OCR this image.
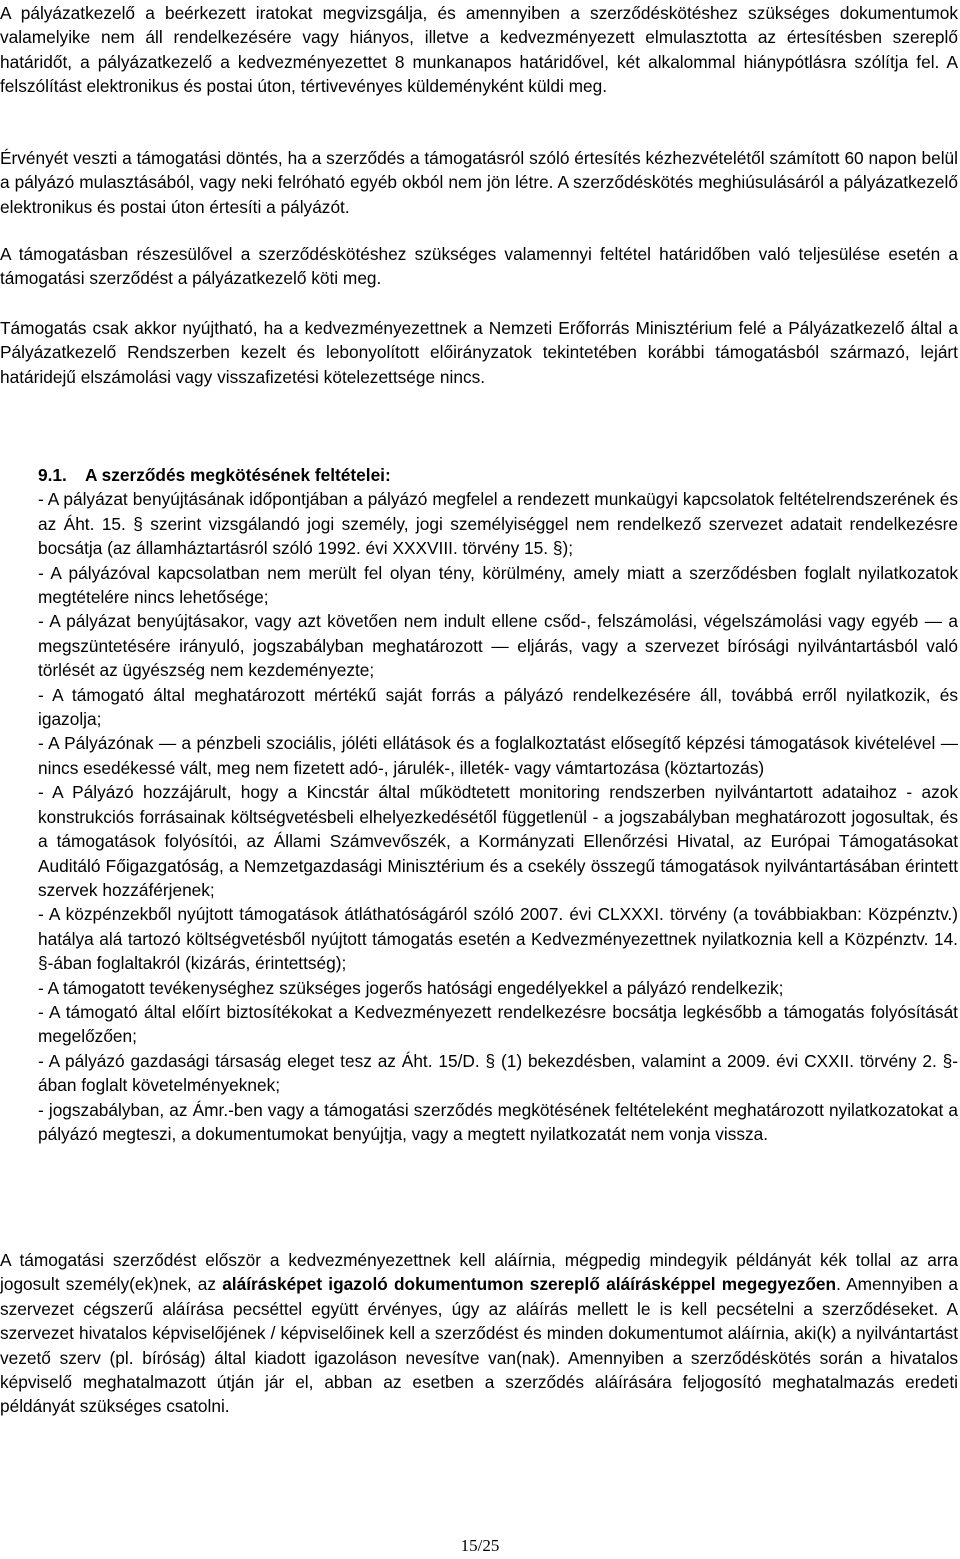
A pályázatkezelő a beérkezett iratokat megvizsgálja, és amennyiben a szerződéskötéshez szükséges dokumentumok valamelyike nem áll rendelkezésére vagy hiányos, illetve a kedvezményezett elmulasztotta az értesítésben szereplő határidőt, a pályázatkezelő a kedvezményezettet 8 munkanapos határidővel, két alkalommal hiánypótlásra szólítja fel. A felszólítást elektronikus és postai úton, tértivevényes küldeményként küldi meg.

Érvényét veszti a támogatási döntés, ha a szerződés a támogatásról szóló értesítés kézhezvételétől számított 60 napon belül a pályázó mulasztásából, vagy neki felróható egyéb okból nem jön létre. A szerződéskötés meghiúsulásáról a pályázatkezelő elektronikus és postai úton értesíti a pályázót.

A támogatásban részesülővel a szerződéskötéshez szükséges valamennyi feltétel határidőben való teljesülése esetén a támogatási szerződést a pályázatkezelő köti meg.

Támogatás csak akkor nyújtható, ha a kedvezményezettnek a Nemzeti Erőforrás Minisztérium felé a Pályázatkezelő által a Pályázatkezelő Rendszerben kezelt és lebonyolított előirányzatok tekintetében korábbi támogatásból származó, lejárt határidejű elszámolási vagy visszafizetési kötelezettsége nincs.

9.1. A szerződés megkötésének feltételei:

- A pályázat benyújtásának időpontjában a pályázó megfelel a rendezett munkaügyi kapcsolatok feltételrendszerének és az Áht. 15. § szerint vizsgálandó jogi személy, jogi személyiséggel nem rendelkező szervezet adatait rendelkezésre bocsátja (az államháztartásról szóló 1992. évi XXXVIII. törvény 15. §);

- A pályázóval kapcsolatban nem merült fel olyan tény, körülmény, amely miatt a szerződésben foglalt nyilatkozatok megtételére nincs lehetősége;

- A pályázat benyújtásakor, vagy azt követően nem indult ellene csőd-, felszámolási, végelszámolási vagy egyéb — a megszüntetésére irányuló, jogszabályban meghatározott — eljárás, vagy a szervezet bírósági nyilvántartásból való törlését az ügyészség nem kezdeményezte;

- A támogató által meghatározott mértékű saját forrás a pályázó rendelkezésére áll, továbbá erről nyilatkozik, és igazolja;

- A Pályázónak — a pénzbeli szociális, jóléti ellátások és a foglalkoztatást elősegítő képzési támogatások kivételével — nincs esedékessé vált, meg nem fizetett adó-, járulék-, illeték- vagy vámtartozása (köztartozás)

- A Pályázó hozzájárult, hogy a Kincstár által működtetett monitoring rendszerben nyilvántartott adataihoz - azok konstrukciós forrásainak költségvetésbeli elhelyezkedésétől függetlenül - a jogszabályban meghatározott jogosultak, és a támogatások folyósítói, az Állami Számvevőszék, a Kormányzati Ellenőrzési Hivatal, az Európai Támogatásokat Auditáló Főigazgatóság, a Nemzetgazdasági Minisztérium és a csekély összegű támogatások nyilvántartásában érintett szervek hozzáférjenek;

- A közpénzekből nyújtott támogatások átláthatóságáról szóló 2007. évi CLXXXI. törvény (a továbbiakban: Közpénztv.) hatálya alá tartozó költségvetésből nyújtott támogatás esetén a Kedvezményezettnek nyilatkoznia kell a Közpénztv. 14. §-ában foglaltakról (kizárás, érintettség);

- A támogatott tevékenységhez szükséges jogerős hatósági engedélyekkel a pályázó rendelkezik;

- A támogató által előírt biztosítékokat a Kedvezményezett rendelkezésre bocsátja legkésőbb a támogatás folyósítását megelőzően;

- A pályázó gazdasági társaság eleget tesz az Áht. 15/D. § (1) bekezdésben, valamint a 2009. évi CXXII. törvény 2. §-ában foglalt követelményeknek;

- jogszabályban, az Ámr.-ben vagy a támogatási szerződés megkötésének feltételeként meghatározott nyilatkozatokat a pályázó megteszi, a dokumentumokat benyújtja, vagy a megtett nyilatkozatát nem vonja vissza.

A támogatási szerződést először a kedvezményezettnek kell aláírnia, mégpedig mindegyik példányát kék tollal az arra jogosult személy(ek)nek, az aláírásképet igazoló dokumentumon szereplő aláírásképpel megegyezően. Amennyiben a szervezet cégszerű aláírása pecséttel együtt érvényes, úgy az aláírás mellett le is kell pecsételni a szerződéseket. A szervezet hivatalos képviselőjének / képviselőinek kell a szerződést és minden dokumentumot aláírnia, aki(k) a nyilvántartást vezető szerv (pl. bíróság) által kiadott igazoláson nevesítve van(nak). Amennyiben a szerződéskötés során a hivatalos képviselő meghatalmazott útján jár el, abban az esetben a szerződés aláírására feljogosító meghatalmazás eredeti példányát szükséges csatolni.

15/25
